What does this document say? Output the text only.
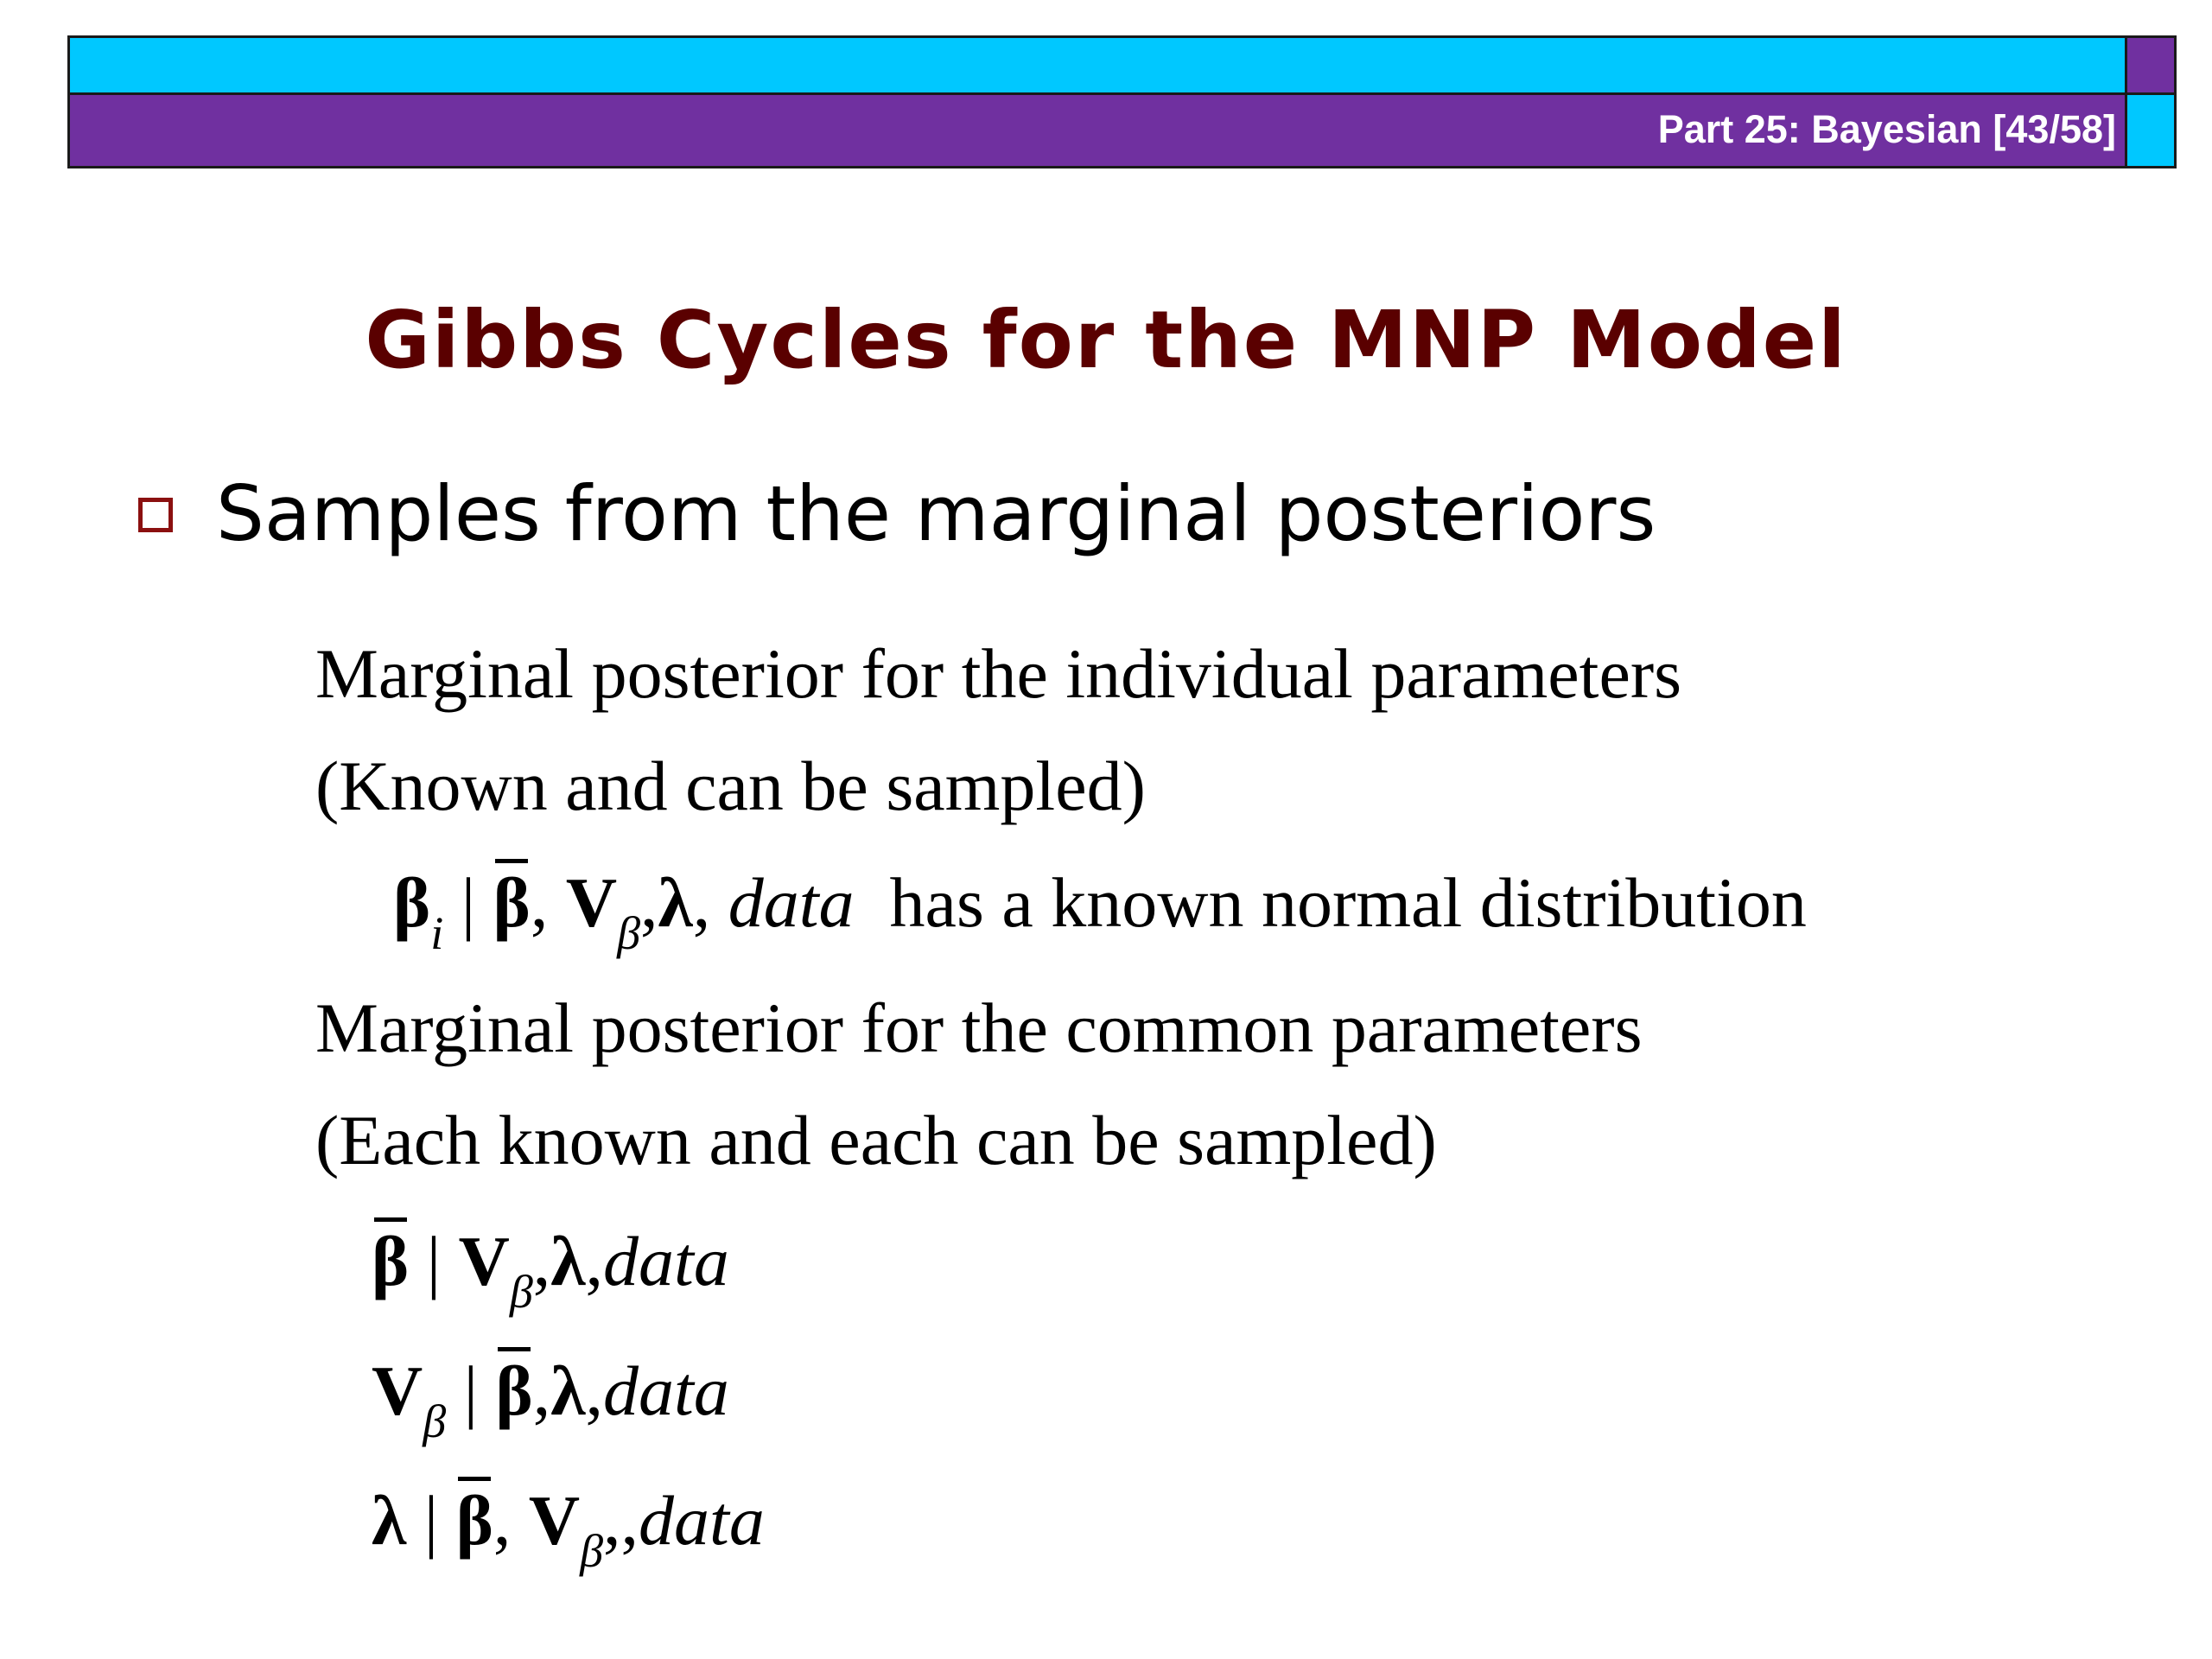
Part 25: Bayesian [43/58]
Gibbs Cycles for the MNP Model
Samples from the marginal posteriors
Marginal posterior for the individual parameters
(Known and can be sampled)
$\beta_i$ | β, $V_\beta,\lambda$, data has a known normal distribution
Marginal posterior for the common parameters
(Each known and each can be sampled)
β | $V_\beta,\lambda,data$
$V_\beta$ | β,λ,data
λ | β, $V_\beta,,data$
